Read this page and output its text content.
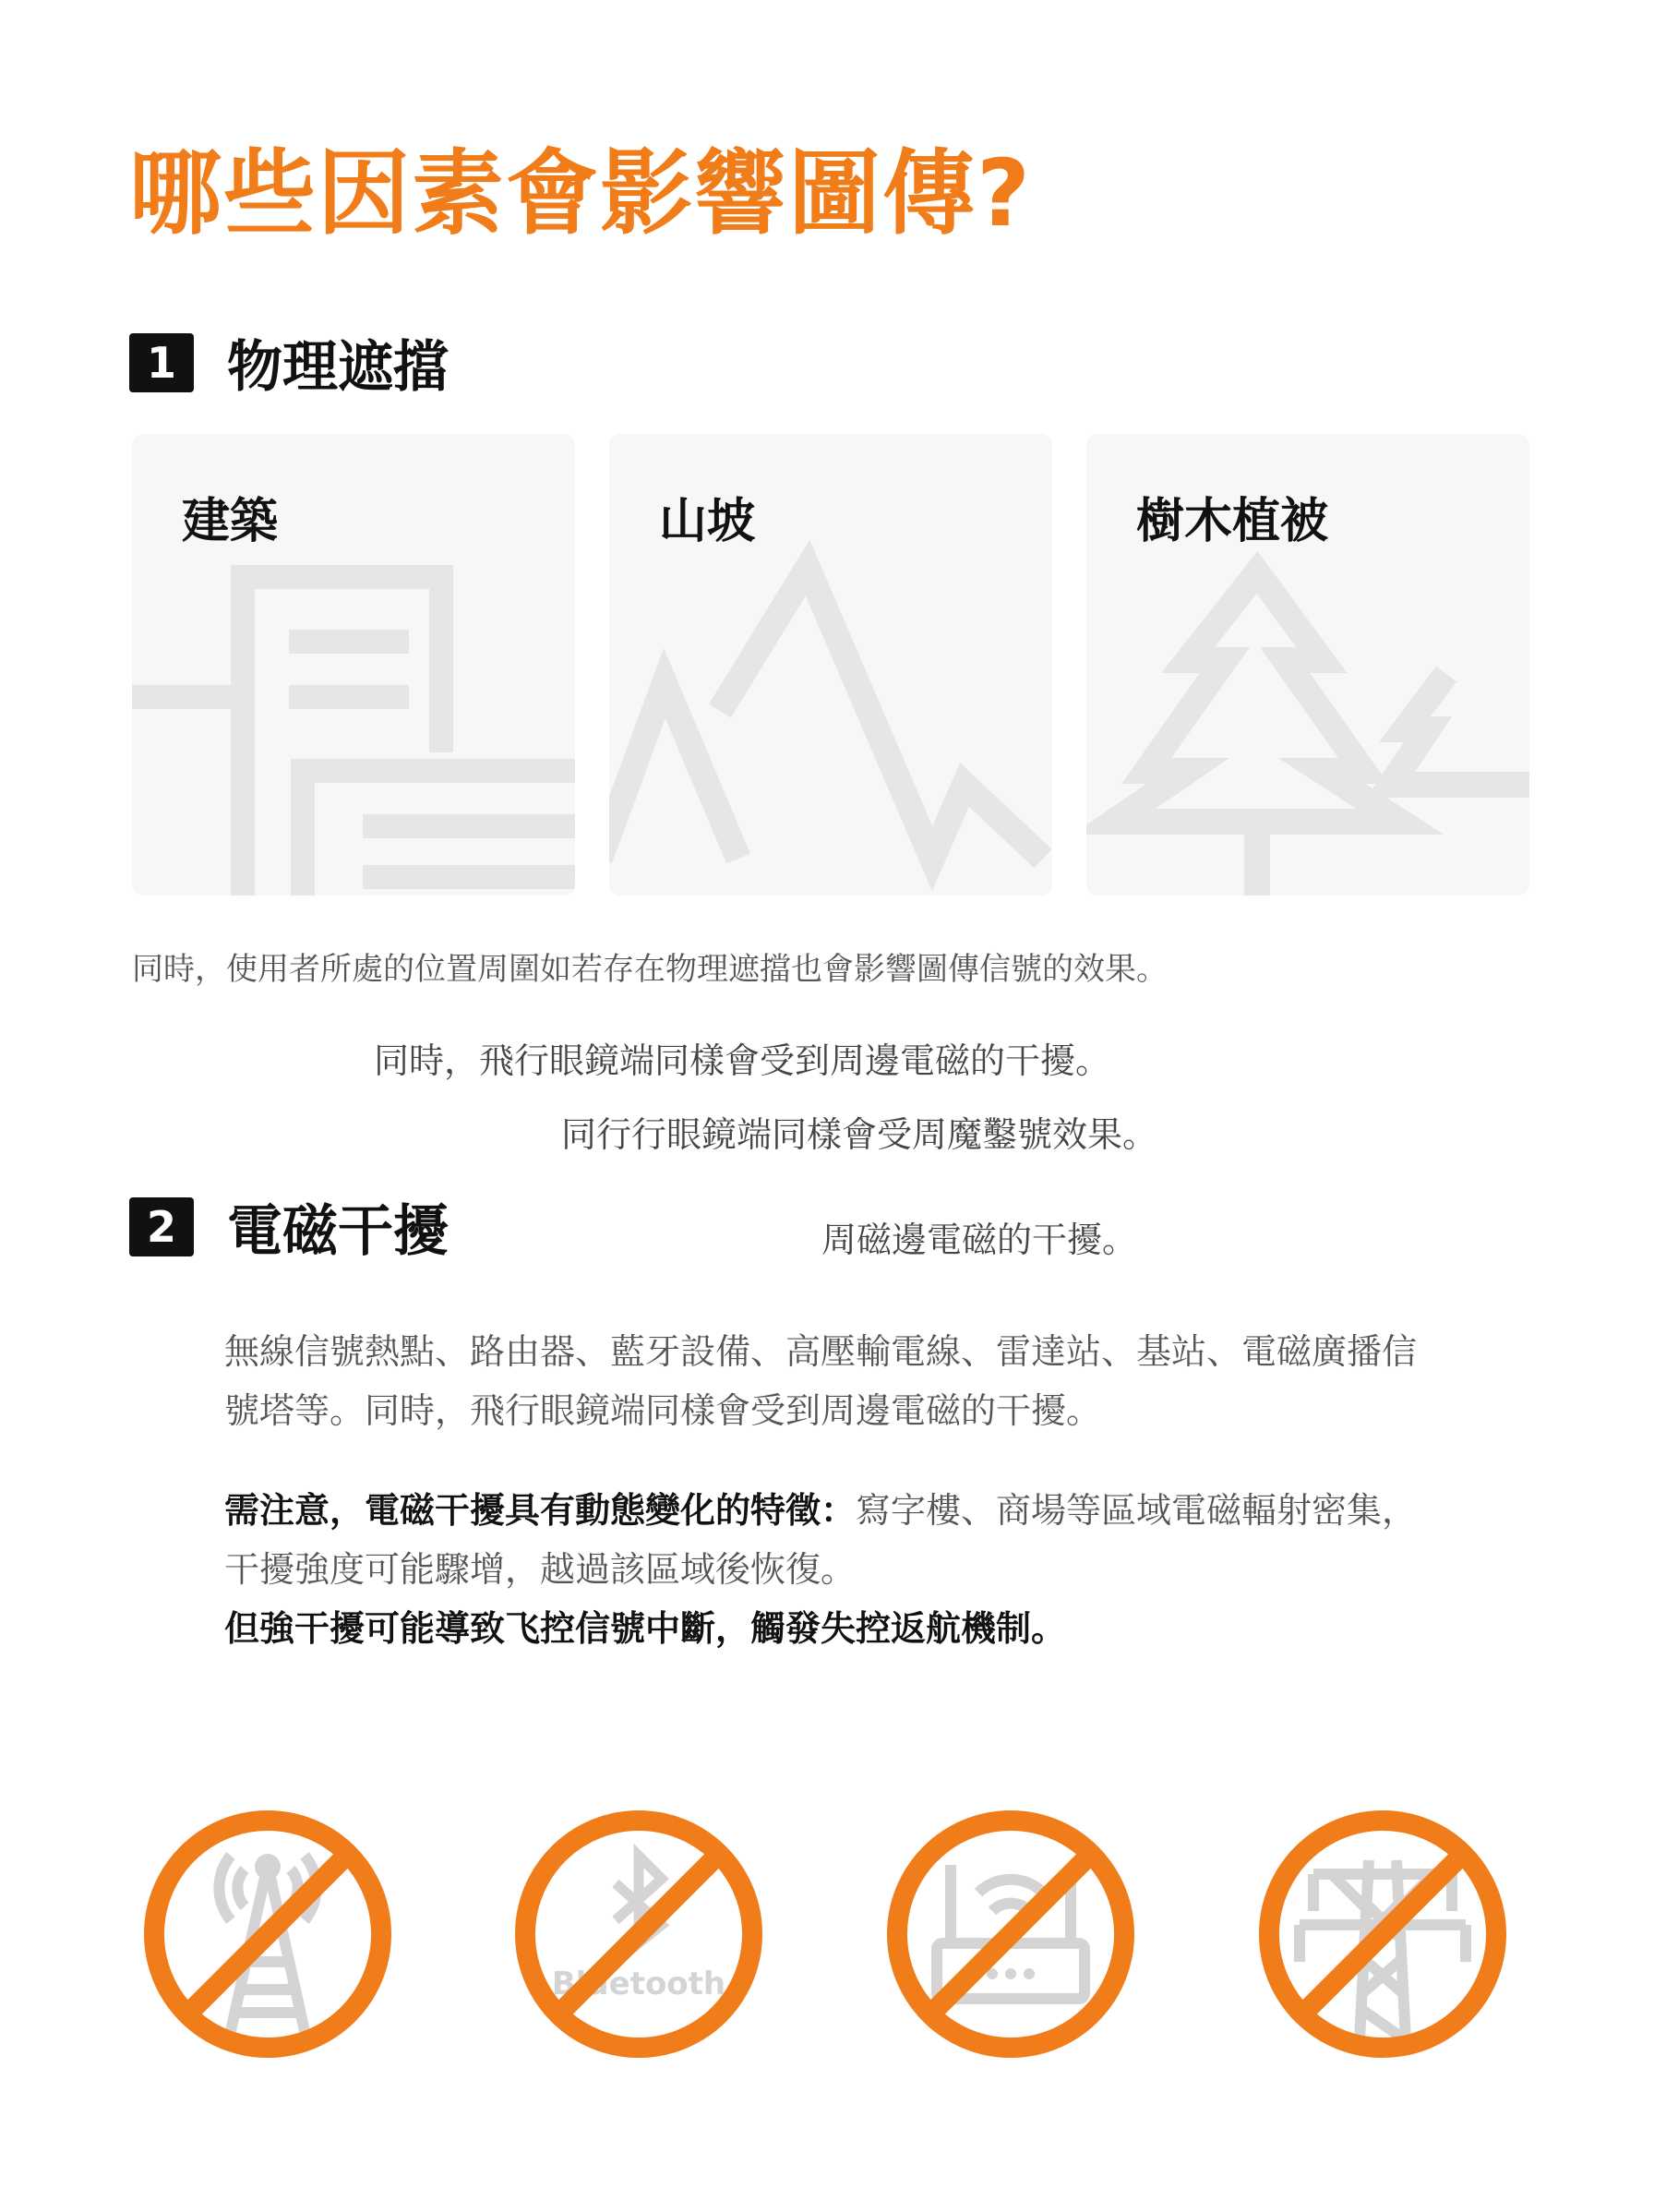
哪些因素會影響圖傳?
1 物理遮擋
建築	山坡	樹木植被
同時，使用者所處的位置周圍如若存在物理遮擋也會影響圖傳信號的效果。
同時，飛行眼鏡端同樣會受到周邊電磁的干擾。
同行行眼鏡端同樣會受周魔鑿號效果。
2 電磁干擾	周磁邊電磁的干擾。
無線信號熱點、路由器、藍牙設備、高壓輸電線、雷達站、基站、電磁廣播信
號塔等。同時，飛行眼鏡端同樣會受到周邊電磁的干擾。
需注意，電磁干擾具有動態變化的特徵：寫字樓、商場等區域電磁輻射密集，
干擾強度可能驟增，越過該區域後恢復。
但強干擾可能導致飞控信號中斷，觸發失控返航機制。
Bluetooth
